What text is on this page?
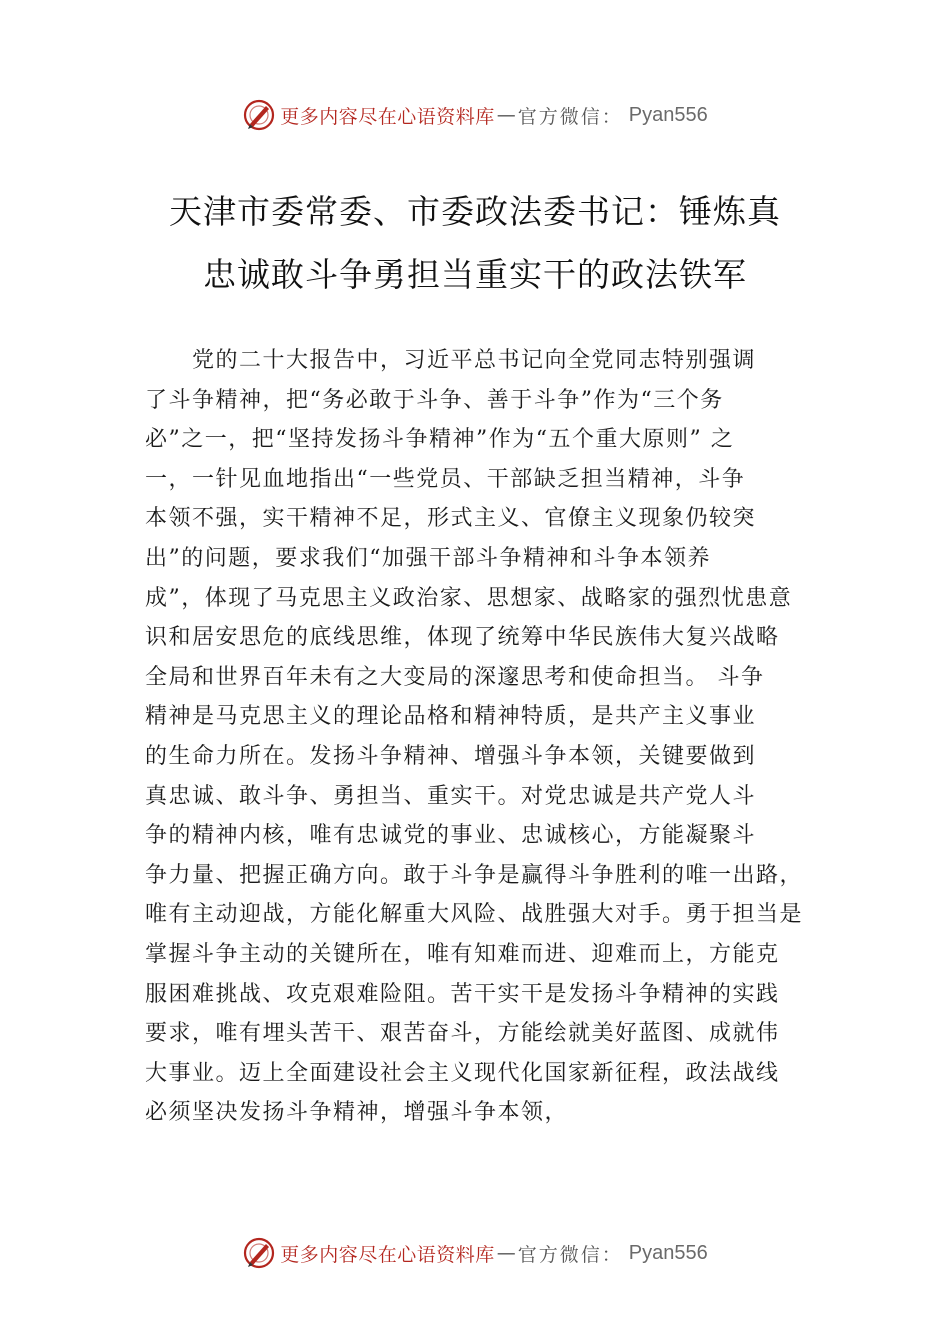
更多内容尽在心语资料库 — 官方微信： Pyan556
天津市委常委、市委政法委书记：锤炼真
忠诚敢斗争勇担当重实干的政法铁军
　　党的二十大报告中，习近平总书记向全党同志特别强调
了斗争精神，把“务必敢于斗争、善于斗争”作为“三个务
必”之一，把“坚持发扬斗争精神”作为“五个重大原则” 之
一，一针见血地指出“一些党员、干部缺乏担当精神，斗争
本领不强，实干精神不足，形式主义、官僚主义现象仍较突
出”的问题，要求我们“加强干部斗争精神和斗争本领养
成”，体现了马克思主义政治家、思想家、战略家的强烈忧患意
识和居安思危的底线思维，体现了统筹中华民族伟大复兴战略
全局和世界百年未有之大变局的深邃思考和使命担当。 斗争
精神是马克思主义的理论品格和精神特质，是共产主义事业
的生命力所在。发扬斗争精神、增强斗争本领，关键要做到
真忠诚、敢斗争、勇担当、重实干。对党忠诚是共产党人斗
争的精神内核，唯有忠诚党的事业、忠诚核心，方能凝聚斗
争力量、把握正确方向。敢于斗争是赢得斗争胜利的唯一出路，
唯有主动迎战，方能化解重大风险、战胜强大对手。勇于担当是
掌握斗争主动的关键所在，唯有知难而进、迎难而上，方能克
服困难挑战、攻克艰难险阻。苦干实干是发扬斗争精神的实践
要求，唯有埋头苦干、艰苦奋斗，方能绘就美好蓝图、成就伟
大事业。迈上全面建设社会主义现代化国家新征程，政法战线
必须坚决发扬斗争精神，增强斗争本领，
更多内容尽在心语资料库 — 官方微信： Pyan556
